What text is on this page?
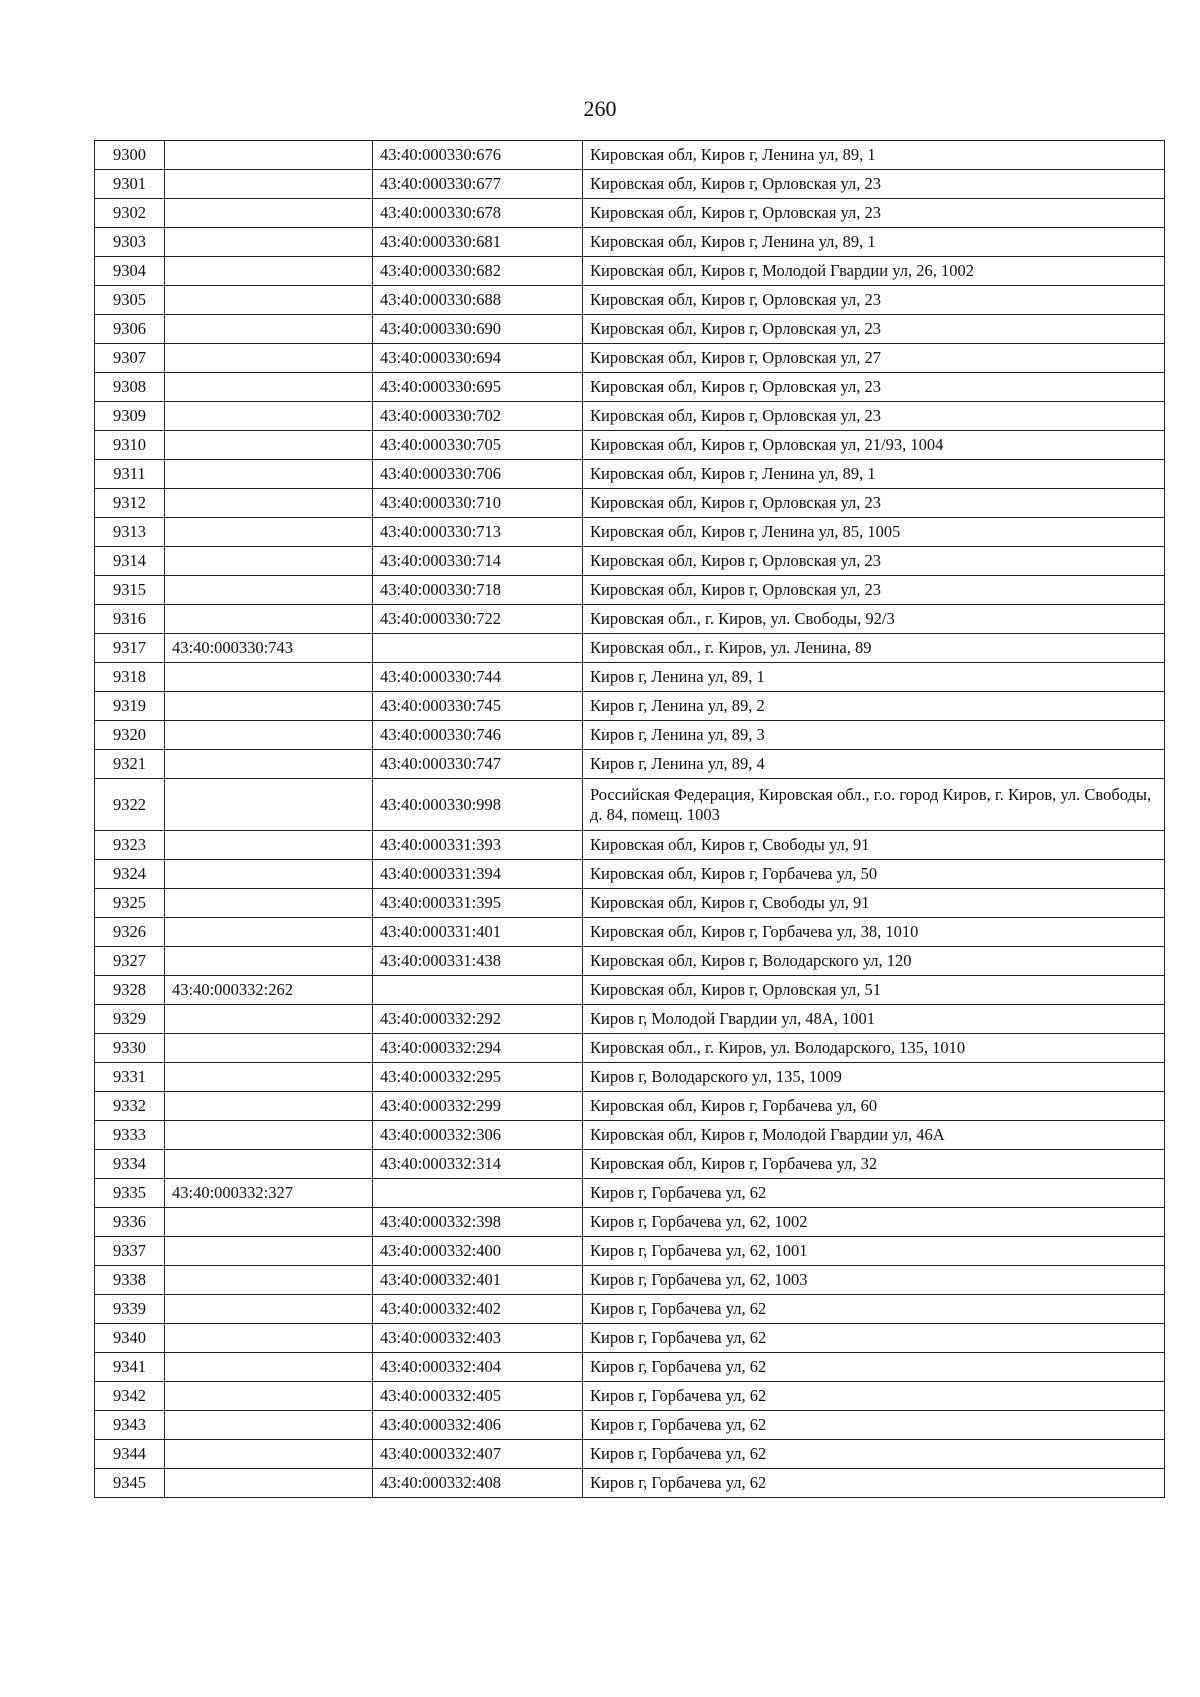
260
9300		43:40:000330:676	Кировская обл, Киров г, Ленина ул, 89, 1
9301		43:40:000330:677	Кировская обл, Киров г, Орловская ул, 23
9302		43:40:000330:678	Кировская обл, Киров г, Орловская ул, 23
9303		43:40:000330:681	Кировская обл, Киров г, Ленина ул, 89, 1
9304		43:40:000330:682	Кировская обл, Киров г, Молодой Гвардии ул, 26, 1002
9305		43:40:000330:688	Кировская обл, Киров г, Орловская ул, 23
9306		43:40:000330:690	Кировская обл, Киров г, Орловская ул, 23
9307		43:40:000330:694	Кировская обл, Киров г, Орловская ул, 27
9308		43:40:000330:695	Кировская обл, Киров г, Орловская ул, 23
9309		43:40:000330:702	Кировская обл, Киров г, Орловская ул, 23
9310		43:40:000330:705	Кировская обл, Киров г, Орловская ул, 21/93, 1004
9311		43:40:000330:706	Кировская обл, Киров г, Ленина ул, 89, 1
9312		43:40:000330:710	Кировская обл, Киров г, Орловская ул, 23
9313		43:40:000330:713	Кировская обл, Киров г, Ленина ул, 85, 1005
9314		43:40:000330:714	Кировская обл, Киров г, Орловская ул, 23
9315		43:40:000330:718	Кировская обл, Киров г, Орловская ул, 23
9316		43:40:000330:722	Кировская обл., г. Киров, ул. Свободы, 92/3
9317	43:40:000330:743		Кировская обл., г. Киров, ул. Ленина, 89
9318		43:40:000330:744	Киров г, Ленина ул, 89, 1
9319		43:40:000330:745	Киров г, Ленина ул, 89, 2
9320		43:40:000330:746	Киров г, Ленина ул, 89, 3
9321		43:40:000330:747	Киров г, Ленина ул, 89, 4
9322		43:40:000330:998	Российская Федерация, Кировская обл., г.о. город Киров, г. Киров, ул. Свободы, д. 84, помещ. 1003
9323		43:40:000331:393	Кировская обл, Киров г, Свободы ул, 91
9324		43:40:000331:394	Кировская обл, Киров г, Горбачева ул, 50
9325		43:40:000331:395	Кировская обл, Киров г, Свободы ул, 91
9326		43:40:000331:401	Кировская обл, Киров г, Горбачева ул, 38, 1010
9327		43:40:000331:438	Кировская обл, Киров г, Володарского ул, 120
9328	43:40:000332:262		Кировская обл, Киров г, Орловская ул, 51
9329		43:40:000332:292	Киров г, Молодой Гвардии ул, 48А, 1001
9330		43:40:000332:294	Кировская обл., г. Киров, ул. Володарского, 135, 1010
9331		43:40:000332:295	Киров г, Володарского ул, 135, 1009
9332		43:40:000332:299	Кировская обл, Киров г, Горбачева ул, 60
9333		43:40:000332:306	Кировская обл, Киров г, Молодой Гвардии ул, 46А
9334		43:40:000332:314	Кировская обл, Киров г, Горбачева ул, 32
9335	43:40:000332:327		Киров г, Горбачева ул, 62
9336		43:40:000332:398	Киров г, Горбачева ул, 62, 1002
9337		43:40:000332:400	Киров г, Горбачева ул, 62, 1001
9338		43:40:000332:401	Киров г, Горбачева ул, 62, 1003
9339		43:40:000332:402	Киров г, Горбачева ул, 62
9340		43:40:000332:403	Киров г, Горбачева ул, 62
9341		43:40:000332:404	Киров г, Горбачева ул, 62
9342		43:40:000332:405	Киров г, Горбачева ул, 62
9343		43:40:000332:406	Киров г, Горбачева ул, 62
9344		43:40:000332:407	Киров г, Горбачева ул, 62
9345		43:40:000332:408	Киров г, Горбачева ул, 62
